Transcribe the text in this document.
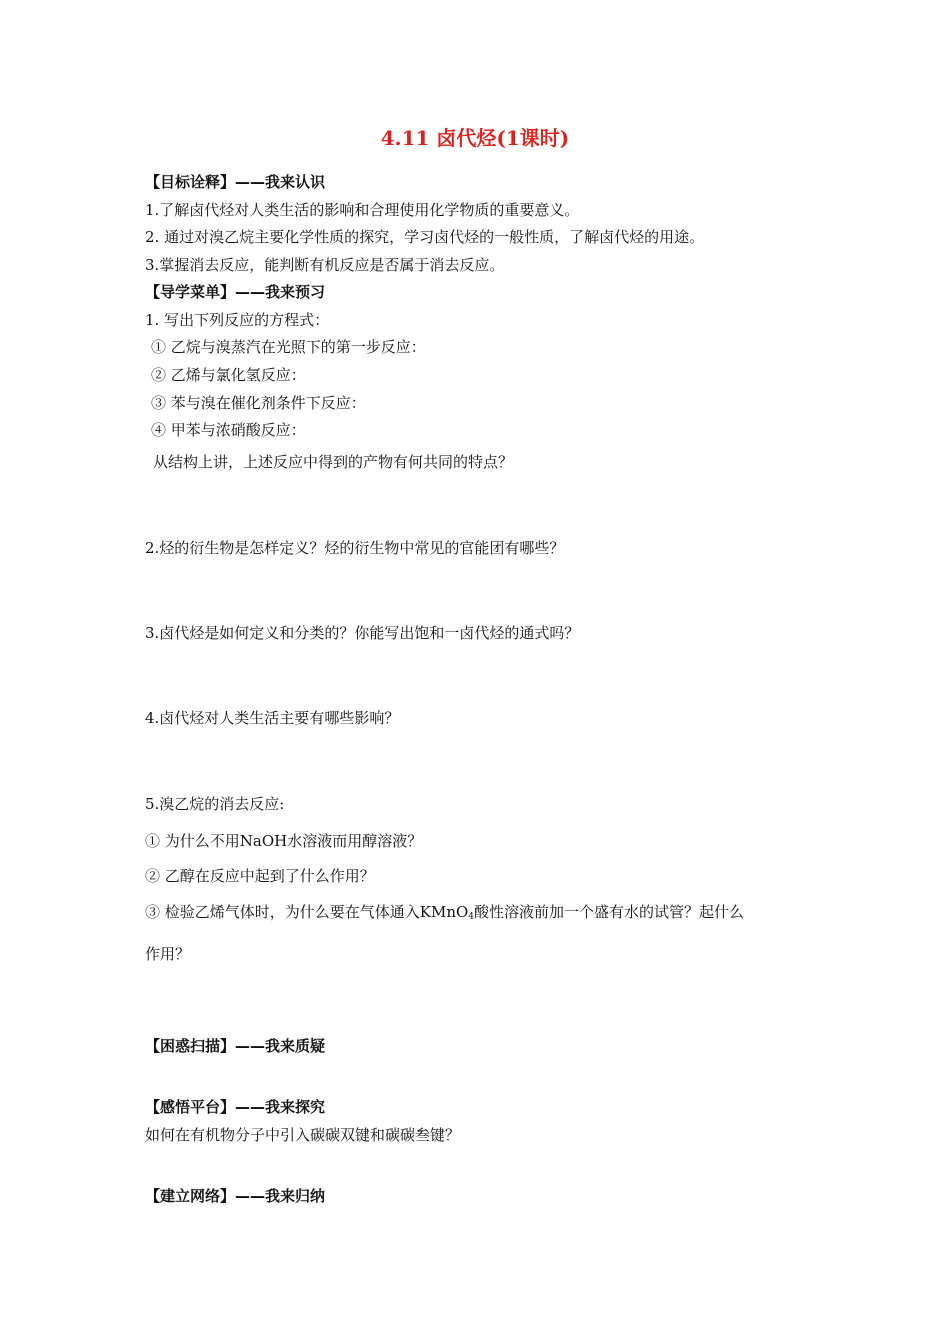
4.11 卤代烃(1课时)
【目标诠释】——我来认识
1.了解卤代烃对人类生活的影响和合理使用化学物质的重要意义。
2. 通过对溴乙烷主要化学性质的探究，学习卤代烃的一般性质，了解卤代烃的用途。
3.掌握消去反应，能判断有机反应是否属于消去反应。
【导学菜单】——我来预习
1. 写出下列反应的方程式：
① 乙烷与溴蒸汽在光照下的第一步反应：
② 乙烯与氯化氢反应：
③ 苯与溴在催化剂条件下反应：
④ 甲苯与浓硝酸反应：
从结构上讲，上述反应中得到的产物有何共同的特点？
2.烃的衍生物是怎样定义？烃的衍生物中常见的官能团有哪些？
3.卤代烃是如何定义和分类的？你能写出饱和一卤代烃的通式吗？
4.卤代烃对人类生活主要有哪些影响？
5.溴乙烷的消去反应:
① 为什么不用NaOH水溶液而用醇溶液？
② 乙醇在反应中起到了什么作用？
③ 检验乙烯气体时，为什么要在气体通入KMnO$_4$酸性溶液前加一个盛有水的试管？起什么
作用？
【困惑扫描】——我来质疑
【感悟平台】——我来探究
如何在有机物分子中引入碳碳双键和碳碳叁键？
【建立网络】——我来归纳
